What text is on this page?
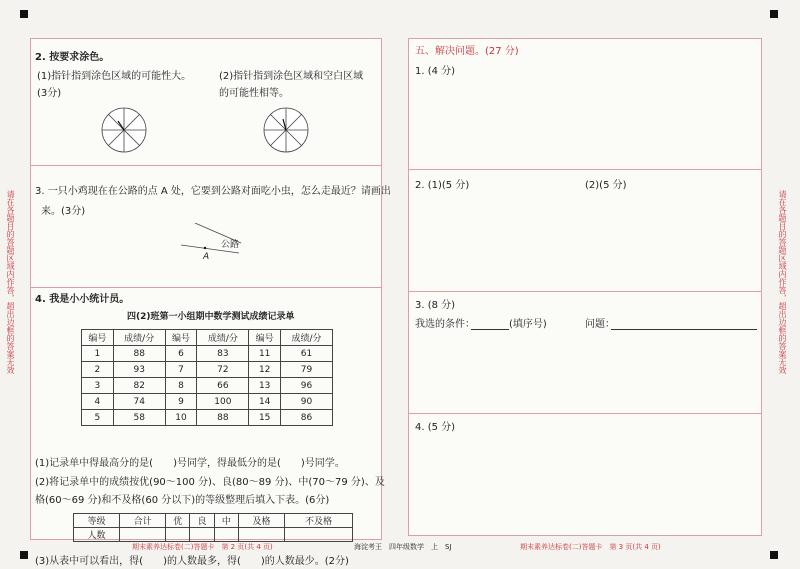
请在各题目的答题区域内作答，超出边框的答案无效	请在各题目的答题区域内作答，超出边框的答案无效
2. 按要求涂色。
(1)指针指到涂色区域的可能性大。
(3分)
(2)指针指到涂色区域和空白区域
的可能性相等。
3. 一只小鸡现在在公路的点 A 处，它要到公路对面吃小虫，怎么走最近？请画出
来。(3分)
公路
A
4. 我是小小统计员。
四(2)班第一小组期中数学测试成绩记录单
编号	成绩/分	编号	成绩/分	编号	成绩/分
1	88	6	83	11	61
2	93	7	72	12	79
3	82	8	66	13	96
4	74	9	100	14	90
5	58	10	88	15	86
(1)记录单中得最高分的是(　　)号同学，得最低分的是(　　)号同学。
(2)将记录单中的成绩按优(90～100 分)、良(80～89 分)、中(70～79 分)、及
格(60～69 分)和不及格(60 分以下)的等级整理后填入下表。(6分)
等级	合计	优	良	中	及格	不及格
人数						
(3)从表中可以看出，得(　　)的人数最多，得(　　)的人数最少。(2分)
五、解决问题。(27 分)
1. (4 分)
2. (1)(5 分)	(2)(5 分)
3. (8 分)
我选的条件：	(填序号)	问题：
4. (5 分)
期末素养达标卷(二)答题卡　第 2 页(共 4 页)	海淀考王　四年级数学　上　SJ	期末素养达标卷(二)答题卡　第 3 页(共 4 页)
